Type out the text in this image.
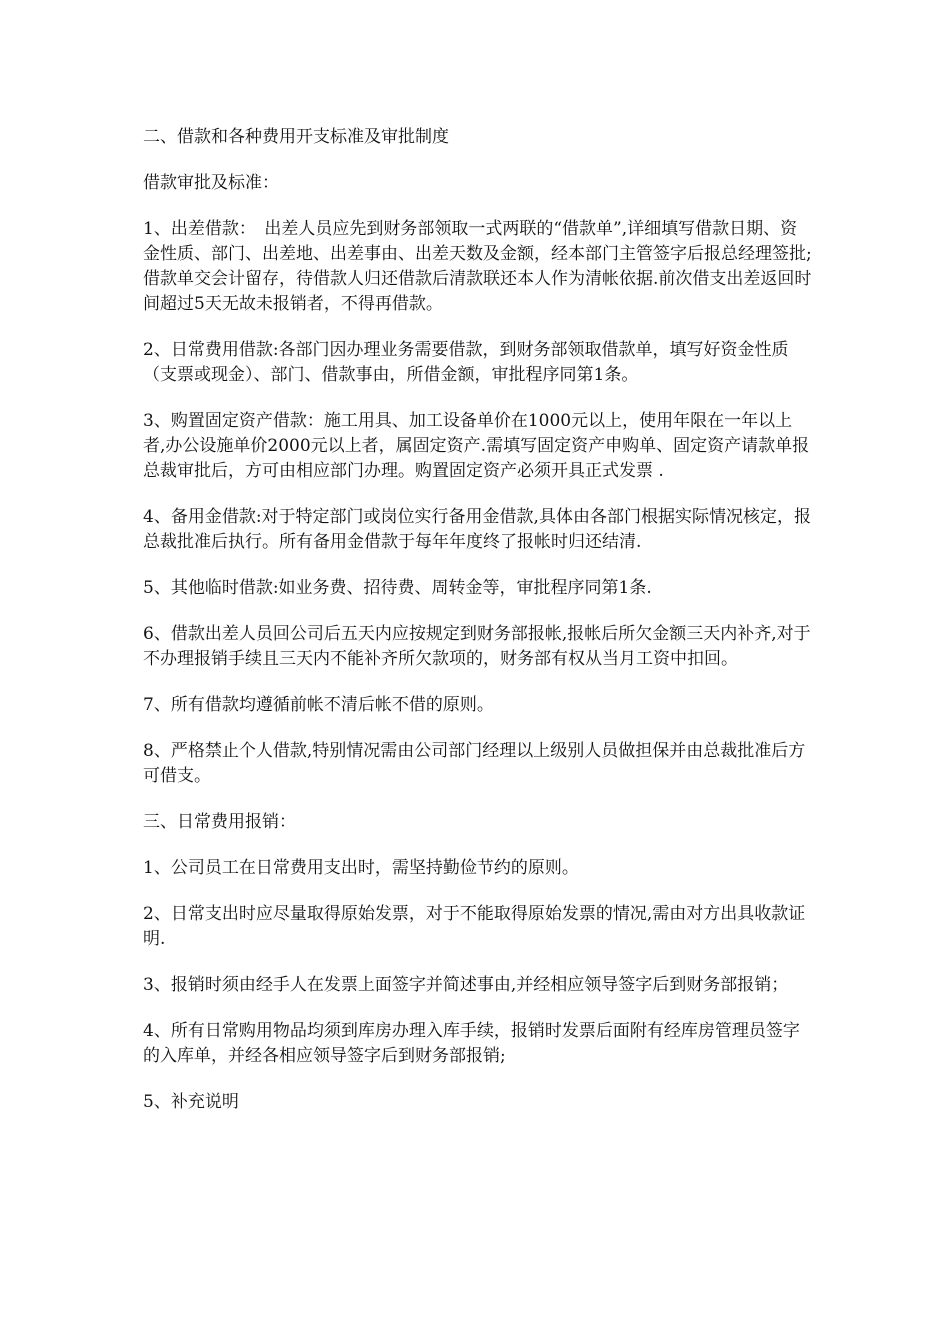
二、借款和各种费用开支标准及审批制度

借款审批及标准：

1、出差借款：　出差人员应先到财务部领取一式两联的“借款单”,详细填写借款日期、资金性质、部门、出差地、出差事由、出差天数及金额，经本部门主管签字后报总经理签批;借款单交会计留存，待借款人归还借款后清款联还本人作为清帐依据.前次借支出差返回时间超过5天无故未报销者，不得再借款。

2、日常费用借款:各部门因办理业务需要借款，到财务部领取借款单，填写好资金性质（支票或现金）、部门、借款事由，所借金额，审批程序同第1条。

3、购置固定资产借款：施工用具、加工设备单价在1000元以上，使用年限在一年以上者,办公设施单价2000元以上者，属固定资产.需填写固定资产申购单、固定资产请款单报总裁审批后，方可由相应部门办理。购置固定资产必须开具正式发票 .

4、备用金借款:对于特定部门或岗位实行备用金借款,具体由各部门根据实际情况核定，报总裁批准后执行。所有备用金借款于每年年度终了报帐时归还结清.

5、其他临时借款:如业务费、招待费、周转金等，审批程序同第1条.

6、借款出差人员回公司后五天内应按规定到财务部报帐,报帐后所欠金额三天内补齐,对于不办理报销手续且三天内不能补齐所欠款项的，财务部有权从当月工资中扣回。

7、所有借款均遵循前帐不清后帐不借的原则。

8、严格禁止个人借款,特别情况需由公司部门经理以上级别人员做担保并由总裁批准后方可借支。

三、日常费用报销：

1、公司员工在日常费用支出时，需坚持勤俭节约的原则。

2、日常支出时应尽量取得原始发票，对于不能取得原始发票的情况,需由对方出具收款证明.

3、报销时须由经手人在发票上面签字并简述事由,并经相应领导签字后到财务部报销；

4、所有日常购用物品均须到库房办理入库手续，报销时发票后面附有经库房管理员签字的入库单，并经各相应领导签字后到财务部报销;

5、补充说明
